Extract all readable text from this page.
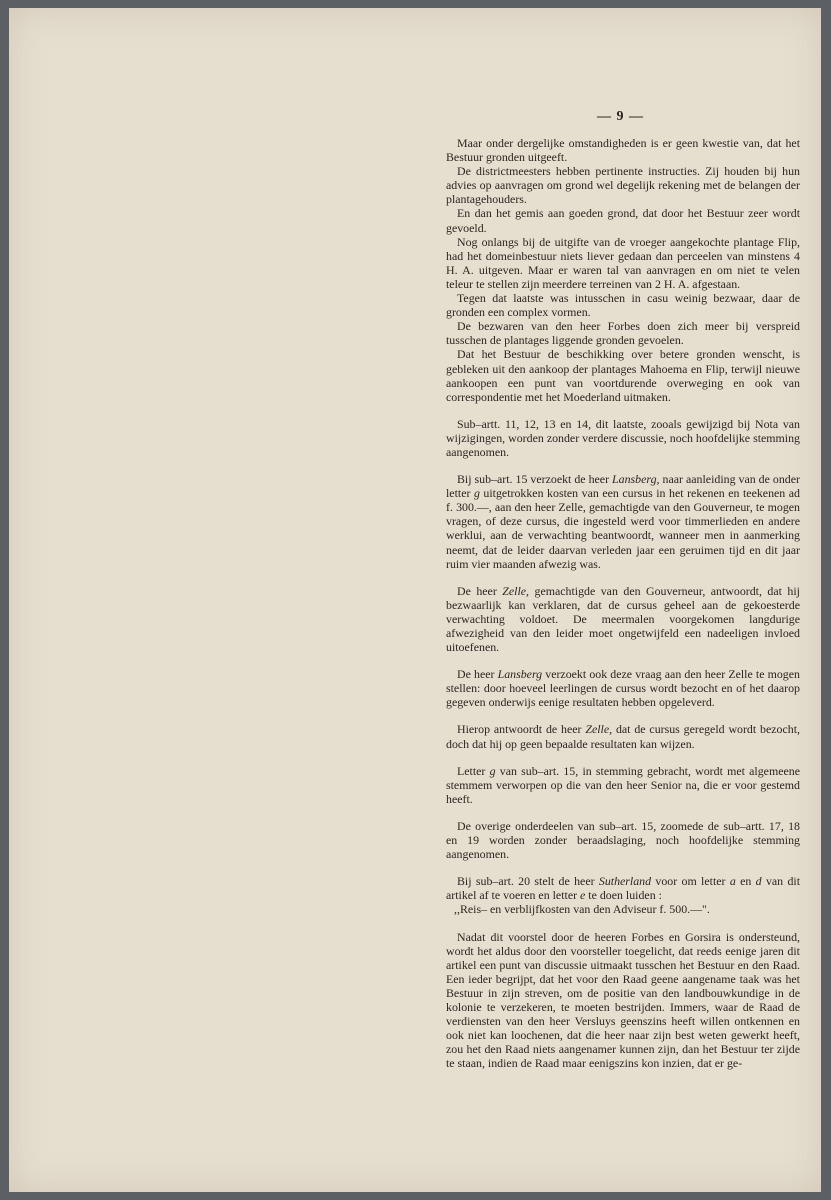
— 9 —

Maar onder dergelijke omstandigheden is er geen kwestie van, dat het Bestuur gronden uitgeeft.

De districtmeesters hebben pertinente instructies. Zij houden bij hun advies op aanvragen om grond wel degelijk rekening met de belangen der plantagehouders.

En dan het gemis aan goeden grond, dat door het Bestuur zeer wordt gevoeld.

Nog onlangs bij de uitgifte van de vroeger aangekochte plantage Flip, had het domeinbestuur niets liever gedaan dan perceelen van minstens 4 H. A. uitgeven. Maar er waren tal van aanvragen en om niet te velen teleur te stellen zijn meerdere terreinen van 2 H. A. afgestaan.

Tegen dat laatste was intusschen in casu weinig bezwaar, daar de gronden een complex vormen.

De bezwaren van den heer Forbes doen zich meer bij verspreid tusschen de plantages liggende gronden gevoelen.

Dat het Bestuur de beschikking over betere gronden wenscht, is gebleken uit den aankoop der plantages Mahoema en Flip, terwijl nieuwe aankoopen een punt van voortdurende overweging en ook van correspondentie met het Moederland uitmaken.

Sub–artt. 11, 12, 13 en 14, dit laatste, zooals gewijzigd bij Nota van wijzigingen, worden zonder verdere discussie, noch hoofdelijke stemming aangenomen.

Bij sub–art. 15 verzoekt de heer Lansberg, naar aanleiding van de onder letter g uitgetrokken kosten van een cursus in het rekenen en teekenen ad f. 300.—, aan den heer Zelle, gemachtigde van den Gouverneur, te mogen vragen, of deze cursus, die ingesteld werd voor timmerlieden en andere werklui, aan de verwachting beantwoordt, wanneer men in aanmerking neemt, dat de leider daarvan verleden jaar een geruimen tijd en dit jaar ruim vier maanden afwezig was.

De heer Zelle, gemachtigde van den Gouverneur, antwoordt, dat hij bezwaarlijk kan verklaren, dat de cursus geheel aan de gekoesterde verwachting voldoet. De meermalen voorgekomen langdurige afwezigheid van den leider moet ongetwijfeld een nadeeligen invloed uitoefenen.

De heer Lansberg verzoekt ook deze vraag aan den heer Zelle te mogen stellen: door hoeveel leerlingen de cursus wordt bezocht en of het daarop gegeven onderwijs eenige resultaten hebben opgeleverd.

Hierop antwoordt de heer Zelle, dat de cursus geregeld wordt bezocht, doch dat hij op geen bepaalde resultaten kan wijzen.

Letter g van sub–art. 15, in stemming gebracht, wordt met algemeene stemmem verworpen op die van den heer Senior na, die er voor gestemd heeft.

De overige onderdeelen van sub–art. 15, zoomede de sub–artt. 17, 18 en 19 worden zonder beraadslaging, noch hoofdelijke stemming aangenomen.

Bij sub–art. 20 stelt de heer Sutherland voor om letter a en d van dit artikel af te voeren en letter e te doen luiden :

,,Reis– en verblijfkosten van den Adviseur f. 500.—".

Nadat dit voorstel door de heeren Forbes en Gorsira is ondersteund, wordt het aldus door den voorsteller toegelicht, dat reeds eenige jaren dit artikel een punt van discussie uitmaakt tusschen het Bestuur en den Raad. Een ieder begrijpt, dat het voor den Raad geene aangename taak was het Bestuur in zijn streven, om de positie van den landbouwkundige in de kolonie te verzekeren, te moeten bestrijden. Immers, waar de Raad de verdiensten van den heer Versluys geenszins heeft willen ontkennen en ook niet kan loochenen, dat die heer naar zijn best weten gewerkt heeft, zou het den Raad niets aangenamer kunnen zijn, dan het Bestuur ter zijde te staan, indien de Raad maar eenigszins kon inzien, dat er ge-
